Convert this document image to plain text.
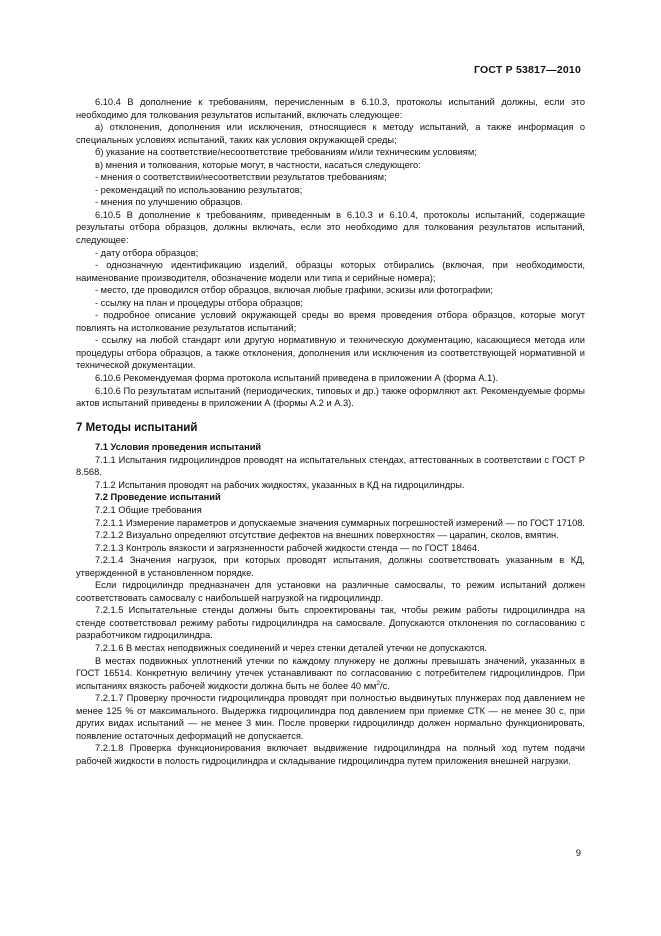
ГОСТ Р 53817—2010

6.10.4 В дополнение к требованиям, перечисленным в 6.10.3, протоколы испытаний должны, если это необходимо для толкования результатов испытаний, включать следующее:

а) отклонения, дополнения или исключения, относящиеся к методу испытаний, а также информация о специальных условиях испытаний, таких как условия окружающей среды;

б) указание на соответствие/несоответствие требованиям и/или техническим условиям;

в) мнения и толкования, которые могут, в частности, касаться следующего:

- мнения о соответствии/несоответствии результатов требованиям;

- рекомендаций по использованию результатов;

- мнения по улучшению образцов.

6.10.5 В дополнение к требованиям, приведенным в 6.10.3 и 6.10.4, протоколы испытаний, содержащие результаты отбора образцов, должны включать, если это необходимо для толкования результатов испытаний, следующее:

- дату отбора образцов;

- однозначную идентификацию изделий, образцы которых отбирались (включая, при необходимости, наименование производителя, обозначение модели или типа и серийные номера);

- место, где проводился отбор образцов, включая любые графики, эскизы или фотографии;

- ссылку на план и процедуры отбора образцов;

- подробное описание условий окружающей среды во время проведения отбора образцов, которые могут повлиять на истолкование результатов испытаний;

- ссылку на любой стандарт или другую нормативную и техническую документацию, касающиеся метода или процедуры отбора образцов, а также отклонения, дополнения или исключения из соответствующей нормативной и технической документации.

6.10.6 Рекомендуемая форма протокола испытаний приведена в приложении А (форма А.1).

6.10.6 По результатам испытаний (периодических, типовых и др.) также оформляют акт. Рекомендуемые формы актов испытаний приведены в приложении А (формы А.2 и А.3).

7 Методы испытаний

7.1 Условия проведения испытаний

7.1.1 Испытания гидроцилиндров проводят на испытательных стендах, аттестованных в соответствии с ГОСТ Р 8.568.

7.1.2 Испытания проводят на рабочих жидкостях, указанных в КД на гидроцилиндры.

7.2 Проведение испытаний

7.2.1 Общие требования

7.2.1.1 Измерение параметров и допускаемые значения суммарных погрешностей измерений — по ГОСТ 17108.

7.2.1.2 Визуально определяют отсутствие дефектов на внешних поверхностях — царапин, сколов, вмятин.

7.2.1.3 Контроль вязкости и загрязненности рабочей жидкости стенда — по ГОСТ 18464.

7.2.1.4 Значения нагрузок, при которых проводят испытания, должны соответствовать указанным в КД, утвержденной в установленном порядке.

Если гидроцилиндр предназначен для установки на различные самосвалы, то режим испытаний должен соответствовать самосвалу с наибольшей нагрузкой на гидроцилиндр.

7.2.1.5 Испытательные стенды должны быть спроектированы так, чтобы режим работы гидроцилиндра на стенде соответствовал режиму работы гидроцилиндра на самосвале. Допускаются отклонения по согласованию с разработчиком гидроцилиндра.

7.2.1.6 В местах неподвижных соединений и через стенки деталей утечки не допускаются.

В местах подвижных уплотнений утечки по каждому плунжеру не должны превышать значений, указанных в ГОСТ 16514. Конкретную величину утечек устанавливают по согласованию с потребителем гидроцилиндров. При испытаниях вязкость рабочей жидкости должна быть не более 40 $мм^2/с$.

7.2.1.7 Проверку прочности гидроцилиндра проводят при полностью выдвинутых плунжерах под давлением не менее 125 % от максимального. Выдержка гидроцилиндра под давлением при приемке СТК — не менее 30 с, при других видах испытаний — не менее 3 мин. После проверки гидроцилиндр должен нормально функционировать, появление остаточных деформаций не допускается.

7.2.1.8 Проверка функционирования включает выдвижение гидроцилиндра на полный ход путем подачи рабочей жидкости в полость гидроцилиндра и складывание гидроцилиндра путем приложения внешней нагрузки.

9
